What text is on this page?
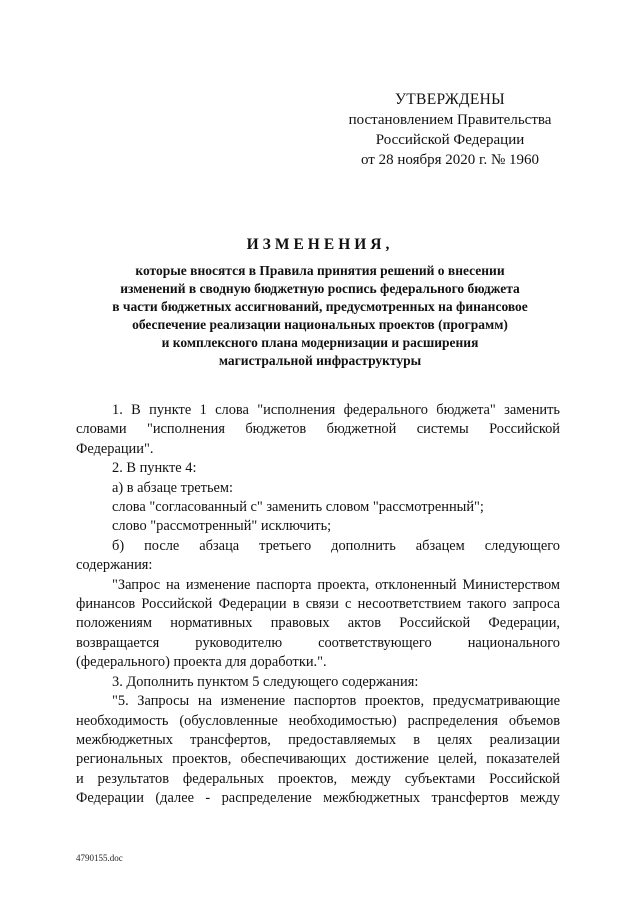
УТВЕРЖДЕНЫ
постановлением Правительства
Российской Федерации
от 28 ноября 2020 г. № 1960
ИЗМЕНЕНИЯ,
которые вносятся в Правила принятия решений о внесении
изменений в сводную бюджетную роспись федерального бюджета
в части бюджетных ассигнований, предусмотренных на финансовое
обеспечение реализации национальных проектов (программ)
и комплексного плана модернизации и расширения
магистральной инфраструктуры

1. В пункте 1 слова "исполнения федерального бюджета" заменить

словами "исполнения бюджетов бюджетной системы Российской

Федерации".

2. В пункте 4:

а) в абзаце третьем:

слова "согласованный с" заменить словом "рассмотренный";

слово "рассмотренный" исключить;

б) после абзаца третьего дополнить абзацем следующего

содержания:

"Запрос на изменение паспорта проекта, отклоненный Министерством

финансов Российской Федерации в связи с несоответствием такого запроса

положениям нормативных правовых актов Российской Федерации,

возвращается руководителю соответствующего национального

(федерального) проекта для доработки.".

3. Дополнить пунктом 5 следующего содержания:

"5. Запросы на изменение паспортов проектов, предусматривающие

необходимость (обусловленные необходимостью) распределения объемов

межбюджетных трансфертов, предоставляемых в целях реализации

региональных проектов, обеспечивающих достижение целей, показателей

и результатов федеральных проектов, между субъектами Российской

Федерации (далее - распределение межбюджетных трансфертов между

4790155.doc
